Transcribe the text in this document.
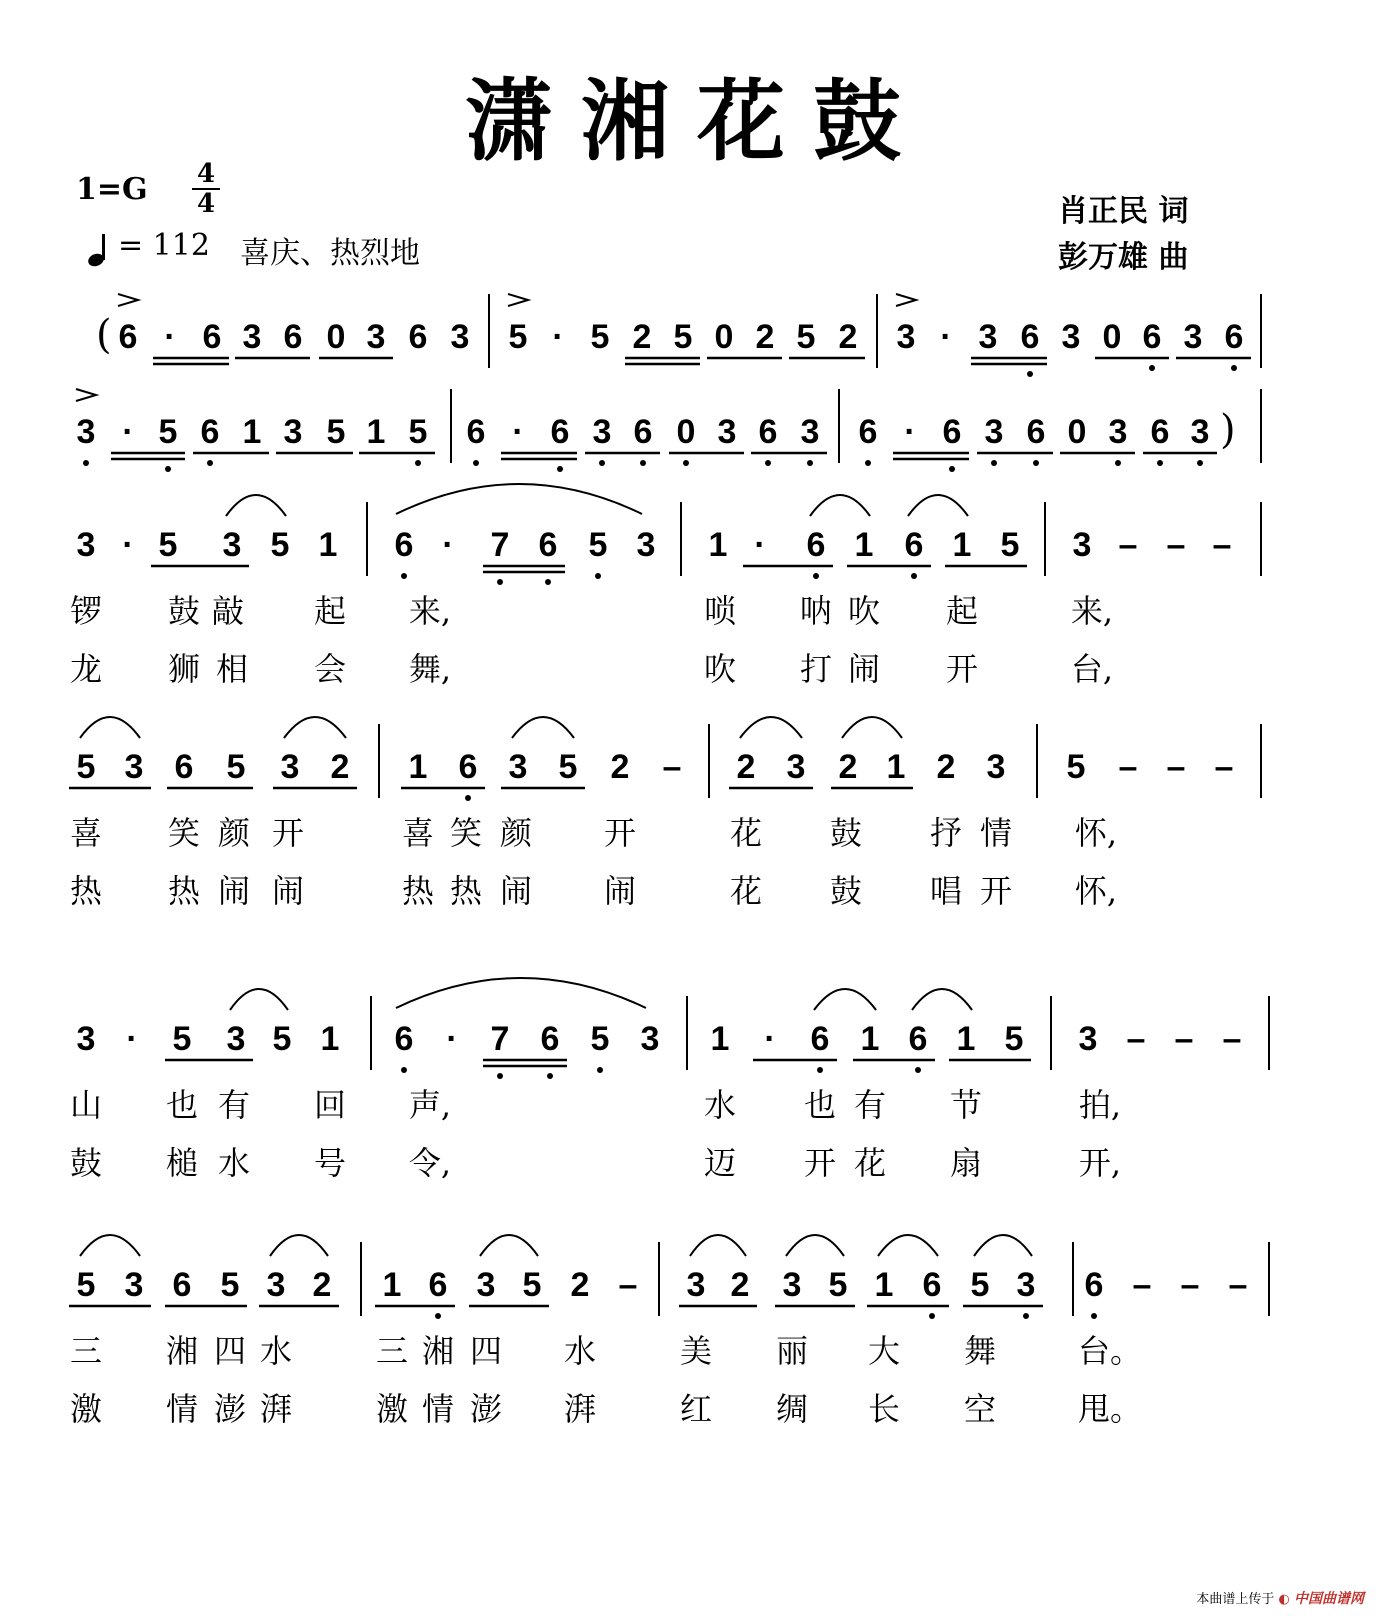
潇湘花鼓
1=G 4
4
= 112 喜庆、热烈地
肖正民 词
彭万雄 曲
6 · 6 3 6 0 3 6 3 5 · 5 2 5 0 2 5 2 3 · 3 6 3 0 6 3 6
(
3 · 5 6 1 3 5 1 5 6 · 6 3 6 0 3 6 3 6 · 6 3 6 0 3 6 3 )
3 · 5 3 5 1 6 · 7 6 5 3 1 · 6 1 6 1 5 3 – – –
锣 鼓 敲 起 来,	唢 呐 吹 起	来,
龙 狮 相 会 舞,	吹 打 闹 开	台,
5 3 6 5 3 2 1 6 3 5 2 – 2 3 2 1 2 3 5 – – –
喜 笑 颜 开	喜 笑 颜 开	花 鼓 抒 情 怀,
热 热 闹 闹	热 热 闹 闹	花 鼓 唱 开 怀,
3 · 5 3 5 1 6 · 7 6 5 3 1 · 6 1 6 1 5 3 – – –
山 也 有 回 声,	水 也 有 节	拍,
鼓 槌 水 号 令,	迈 开 花 扇	开,
5 3 6 5 3 2 1 6 3 5 2 – 3 2 3 5 1 6 5 3 6 – – –
三 湘 四 水	三 湘 四 水	美 丽 大 舞	台。
激 情 澎 湃	激 情 澎 湃	红 绸 长 空	甩。
本曲谱上传于 ◐ 中国曲谱网
